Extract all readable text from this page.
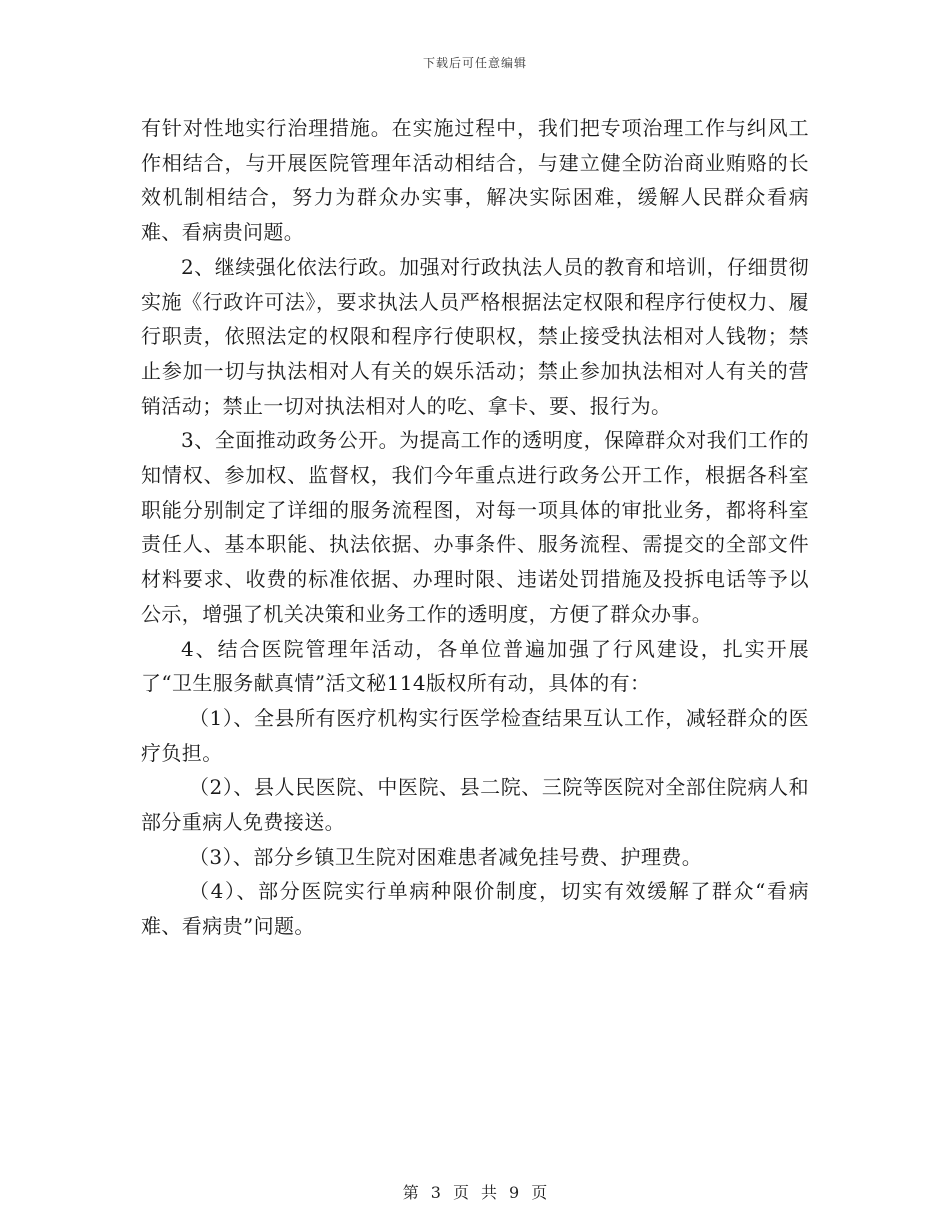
下载后可任意编辑

有针对性地实行治理措施。在实施过程中，我们把专项治理工作与纠风工作相结合，与开展医院管理年活动相结合，与建立健全防治商业贿赂的长效机制相结合，努力为群众办实事，解决实际困难，缓解人民群众看病难、看病贵问题。

2、继续强化依法行政。加强对行政执法人员的教育和培训，仔细贯彻实施《行政许可法》，要求执法人员严格根据法定权限和程序行使权力、履行职责，依照法定的权限和程序行使职权，禁止接受执法相对人钱物；禁止参加一切与执法相对人有关的娱乐活动；禁止参加执法相对人有关的营销活动；禁止一切对执法相对人的吃、拿卡、要、报行为。

3、全面推动政务公开。为提高工作的透明度，保障群众对我们工作的知情权、参加权、监督权，我们今年重点进行政务公开工作，根据各科室职能分别制定了详细的服务流程图，对每一项具体的审批业务，都将科室责任人、基本职能、执法依据、办事条件、服务流程、需提交的全部文件材料要求、收费的标准依据、办理时限、违诺处罚措施及投拆电话等予以公示，增强了机关决策和业务工作的透明度，方便了群众办事。

4、结合医院管理年活动，各单位普遍加强了行风建设，扎实开展了“卫生服务献真情”活文秘114版权所有动，具体的有：

（1）、全县所有医疗机构实行医学检查结果互认工作，减轻群众的医疗负担。

（2）、县人民医院、中医院、县二院、三院等医院对全部住院病人和部分重病人免费接送。

（3）、部分乡镇卫生院对困难患者减免挂号费、护理费。

（4）、部分医院实行单病种限价制度，切实有效缓解了群众“看病难、看病贵”问题。

第 3 页 共 9 页
